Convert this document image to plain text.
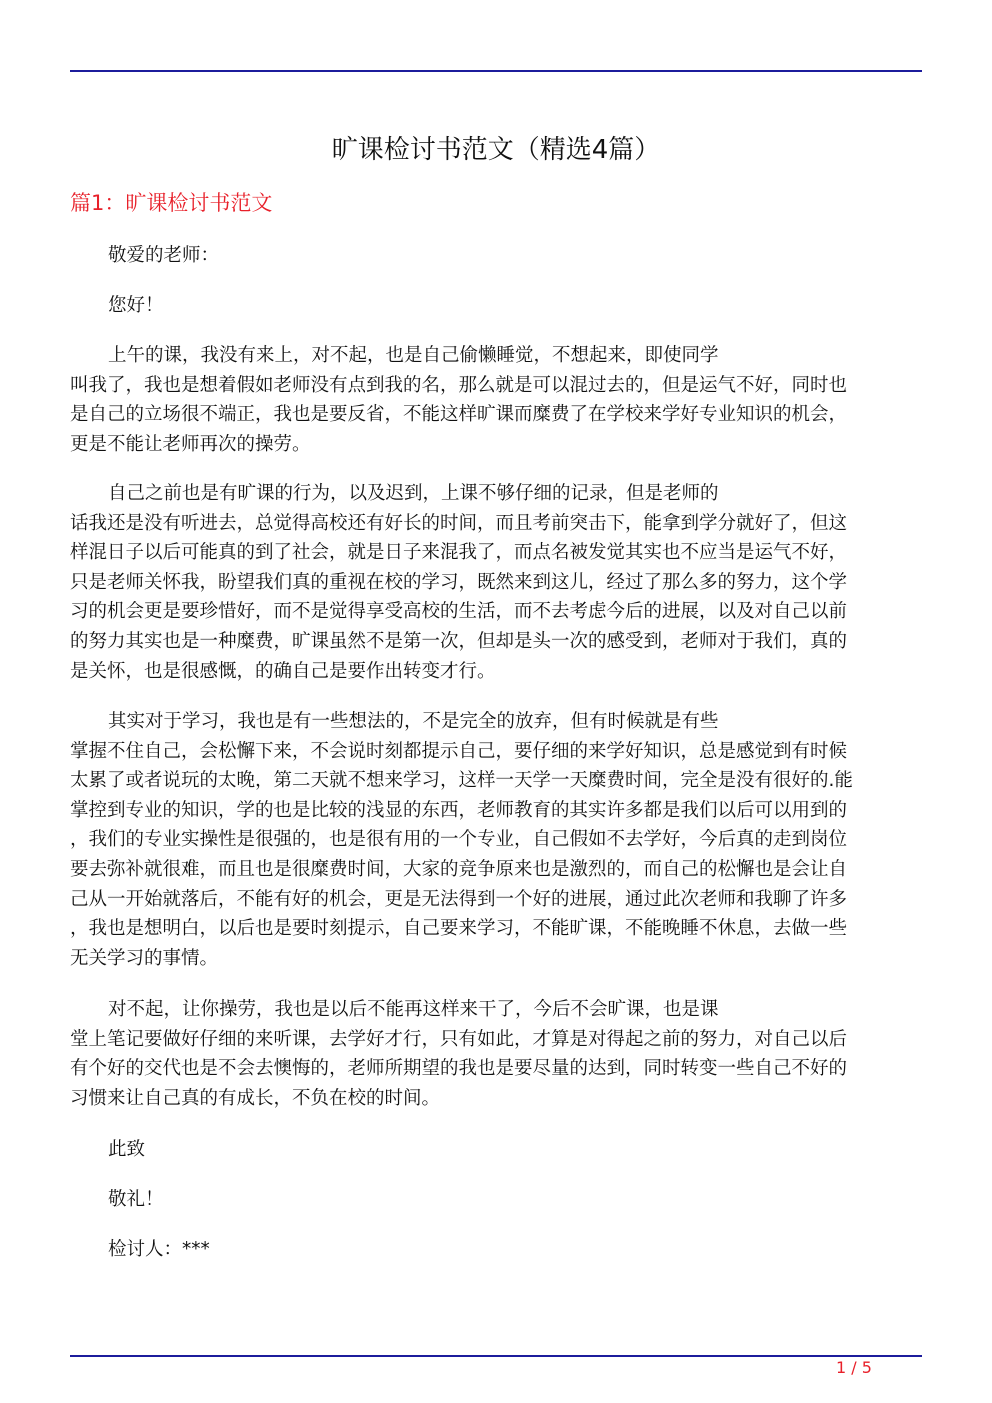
旷课检讨书范文（精选4篇）
篇1：旷课检讨书范文
敬爱的老师：
您好！
上午的课，我没有来上，对不起，也是自己偷懒睡觉，不想起来，即使同学
叫我了，我也是想着假如老师没有点到我的名，那么就是可以混过去的，但是运气不好，同时也
是自己的立场很不端正，我也是要反省，不能这样旷课而糜费了在学校来学好专业知识的机会，
更是不能让老师再次的操劳。
自己之前也是有旷课的行为，以及迟到，上课不够仔细的记录，但是老师的
话我还是没有听进去，总觉得高校还有好长的时间，而且考前突击下，能拿到学分就好了，但这
样混日子以后可能真的到了社会，就是日子来混我了，而点名被发觉其实也不应当是运气不好，
只是老师关怀我，盼望我们真的重视在校的学习，既然来到这儿，经过了那么多的努力，这个学
习的机会更是要珍惜好，而不是觉得享受高校的生活，而不去考虑今后的进展，以及对自己以前
的努力其实也是一种糜费，旷课虽然不是第一次，但却是头一次的感受到，老师对于我们，真的
是关怀，也是很感慨，的确自己是要作出转变才行。
其实对于学习，我也是有一些想法的，不是完全的放弃，但有时候就是有些
掌握不住自己，会松懈下来，不会说时刻都提示自己，要仔细的来学好知识，总是感觉到有时候
太累了或者说玩的太晚，第二天就不想来学习，这样一天学一天糜费时间，完全是没有很好的.能
掌控到专业的知识，学的也是比较的浅显的东西，老师教育的其实许多都是我们以后可以用到的
，我们的专业实操性是很强的，也是很有用的一个专业，自己假如不去学好，今后真的走到岗位
要去弥补就很难，而且也是很糜费时间，大家的竞争原来也是激烈的，而自己的松懈也是会让自
己从一开始就落后，不能有好的机会，更是无法得到一个好的进展，通过此次老师和我聊了许多
，我也是想明白，以后也是要时刻提示，自己要来学习，不能旷课，不能晚睡不休息，去做一些
无关学习的事情。
对不起，让你操劳，我也是以后不能再这样来干了，今后不会旷课，也是课
堂上笔记要做好仔细的来听课，去学好才行，只有如此，才算是对得起之前的努力，对自己以后
有个好的交代也是不会去懊悔的，老师所期望的我也是要尽量的达到，同时转变一些自己不好的
习惯来让自己真的有成长，不负在校的时间。
此致
敬礼！
检讨人：***
1 / 5
